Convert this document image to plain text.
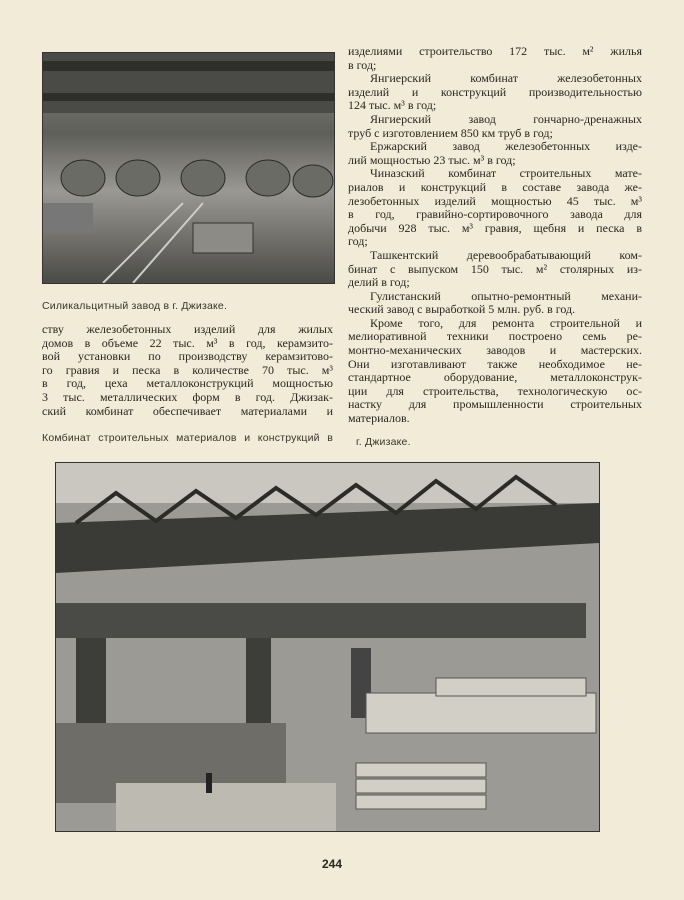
Силикальцитный завод в г. Джизаке.
ству железобетонных изделий для жилых
домов в объеме 22 тыс. м³ в год, керамзито-
вой установки по производству керамзитово-
го гравия и песка в количестве 70 тыс. м³
в год, цеха металлоконструкций мощностью
3 тыс. металлических форм в год. Джизак-
ский комбинат обеспечивает материалами и
Комбинат строительных материалов и конструкций в
изделиями строительство 172 тыс. м² жилья
в год;
Янгиерский комбинат железобетонных
изделий и конструкций производительностью
124 тыс. м³ в год;
Янгиерский завод гончарно-дренажных
труб с изготовлением 850 км труб в год;
Ержарский завод железобетонных изде-
лий мощностью 23 тыс. м³ в год;
Чиназский комбинат строительных мате-
риалов и конструкций в составе завода же-
лезобетонных изделий мощностью 45 тыс. м³
в год, гравийно-сортировочного завода для
добычи 928 тыс. м³ гравия, щебня и песка в
год;
Ташкентский деревообрабатывающий ком-
бинат с выпуском 150 тыс. м² столярных из-
делий в год;
Гулистанский опытно-ремонтный механи-
ческий завод с выработкой 5 млн. руб. в год.
Кроме того, для ремонта строительной и
мелиоративной техники построено семь ре-
монтно-механических заводов и мастерских.
Они изготавливают также необходимое не-
стандартное оборудование, металлоконструк-
ции для строительства, технологическую ос-
настку для промышленности строительных
материалов.
г. Джизаке.
244
